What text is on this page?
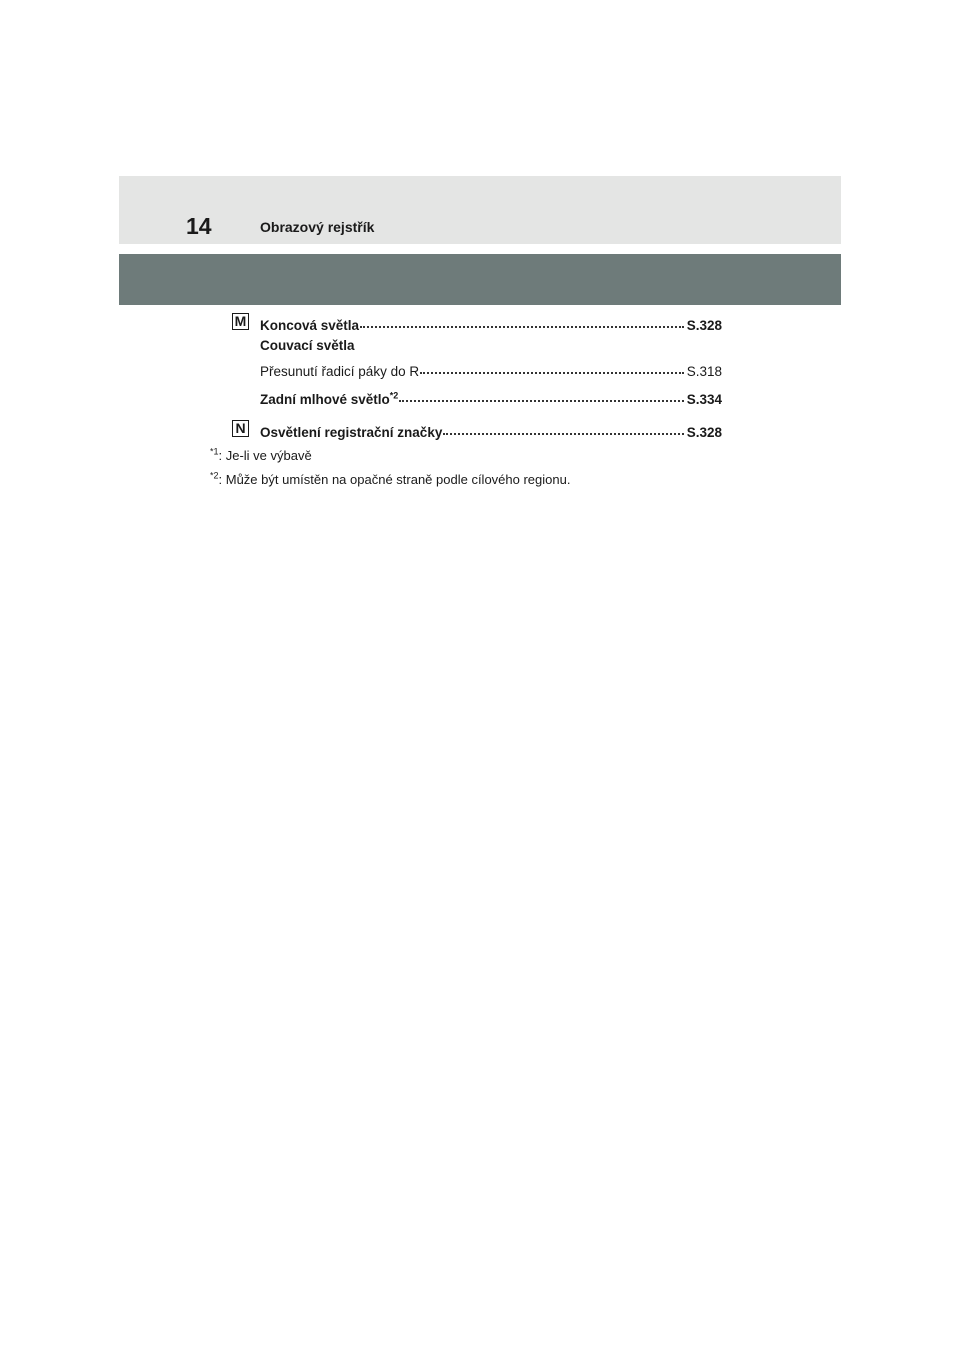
14	Obrazový rejstřík
M Koncová světla	S.328
Couvací světla
Přesunutí řadicí páky do R	S.318
Zadní mlhové světlo$^{*2}$	S.334
N Osvětlení registrační značky	S.328
$^{*1}$: Je-li ve výbavě
$^{*2}$: Může být umístěn na opačné straně podle cílového regionu.
